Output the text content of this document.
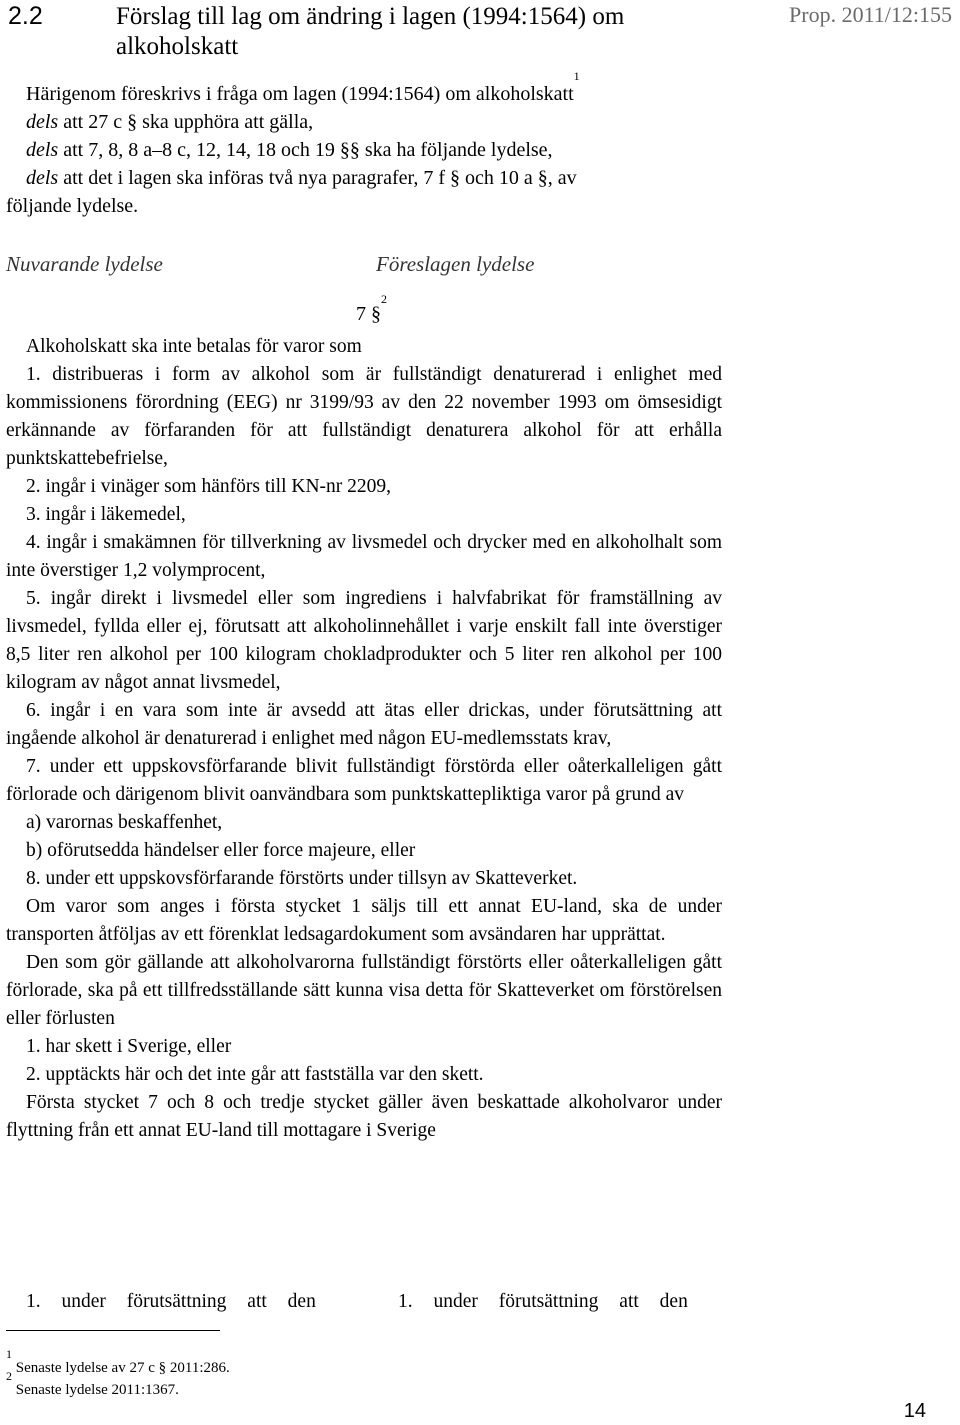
2.2	Förslag till lag om ändring i lagen (1994:1564) om alkoholskatt
Prop. 2011/12:155
Härigenom föreskrivs i fråga om lagen (1994:1564) om alkoholskatt$^1$
dels att 27 c § ska upphöra att gälla,
dels att 7, 8, 8 a–8 c, 12, 14, 18 och 19 §§ ska ha följande lydelse,
dels att det i lagen ska införas två nya paragrafer, 7 f § och 10 a §, av
följande lydelse.
Nuvarande lydelse	Föreslagen lydelse
7 §$^2$

Alkoholskatt ska inte betalas för varor som

1. distribueras i form av alkohol som är fullständigt denaturerad i enlighet med kommissionens förordning (EEG) nr 3199/93 av den 22 november 1993 om ömsesidigt erkännande av förfaranden för att fullständigt denaturera alkohol för att erhålla punktskattebefrielse,

2. ingår i vinäger som hänförs till KN-nr 2209,

3. ingår i läkemedel,

4. ingår i smakämnen för tillverkning av livsmedel och drycker med en alkoholhalt som inte överstiger 1,2 volymprocent,

5. ingår direkt i livsmedel eller som ingrediens i halvfabrikat för framställning av livsmedel, fyllda eller ej, förutsatt att alkoholinnehållet i varje enskilt fall inte överstiger 8,5 liter ren alkohol per 100 kilogram chokladprodukter och 5 liter ren alkohol per 100 kilogram av något annat livsmedel,

6. ingår i en vara som inte är avsedd att ätas eller drickas, under förutsättning att ingående alkohol är denaturerad i enlighet med någon EU-medlemsstats krav,

7. under ett uppskovsförfarande blivit fullständigt förstörda eller oåterkalleligen gått förlorade och därigenom blivit oanvändbara som punktskattepliktiga varor på grund av

a) varornas beskaffenhet,

b) oförutsedda händelser eller force majeure, eller

8. under ett uppskovsförfarande förstörts under tillsyn av Skatteverket.

Om varor som anges i första stycket 1 säljs till ett annat EU-land, ska de under transporten åtföljas av ett förenklat ledsagardokument som avsändaren har upprättat.

Den som gör gällande att alkoholvarorna fullständigt förstörts eller oåterkalleligen gått förlorade, ska på ett tillfredsställande sätt kunna visa detta för Skatteverket om förstörelsen eller förlusten

1. har skett i Sverige, eller

2. upptäckts här och det inte går att fastställa var den skett.

Första stycket 7 och 8 och tredje stycket gäller även beskattade alkoholvaror under flyttning från ett annat EU-land till mottagare i Sverige

1. under förutsättning att den	1. under förutsättning att den
$^1$ Senaste lydelse av 27 c § 2011:286.
$^2$ Senaste lydelse 2011:1367.
14
